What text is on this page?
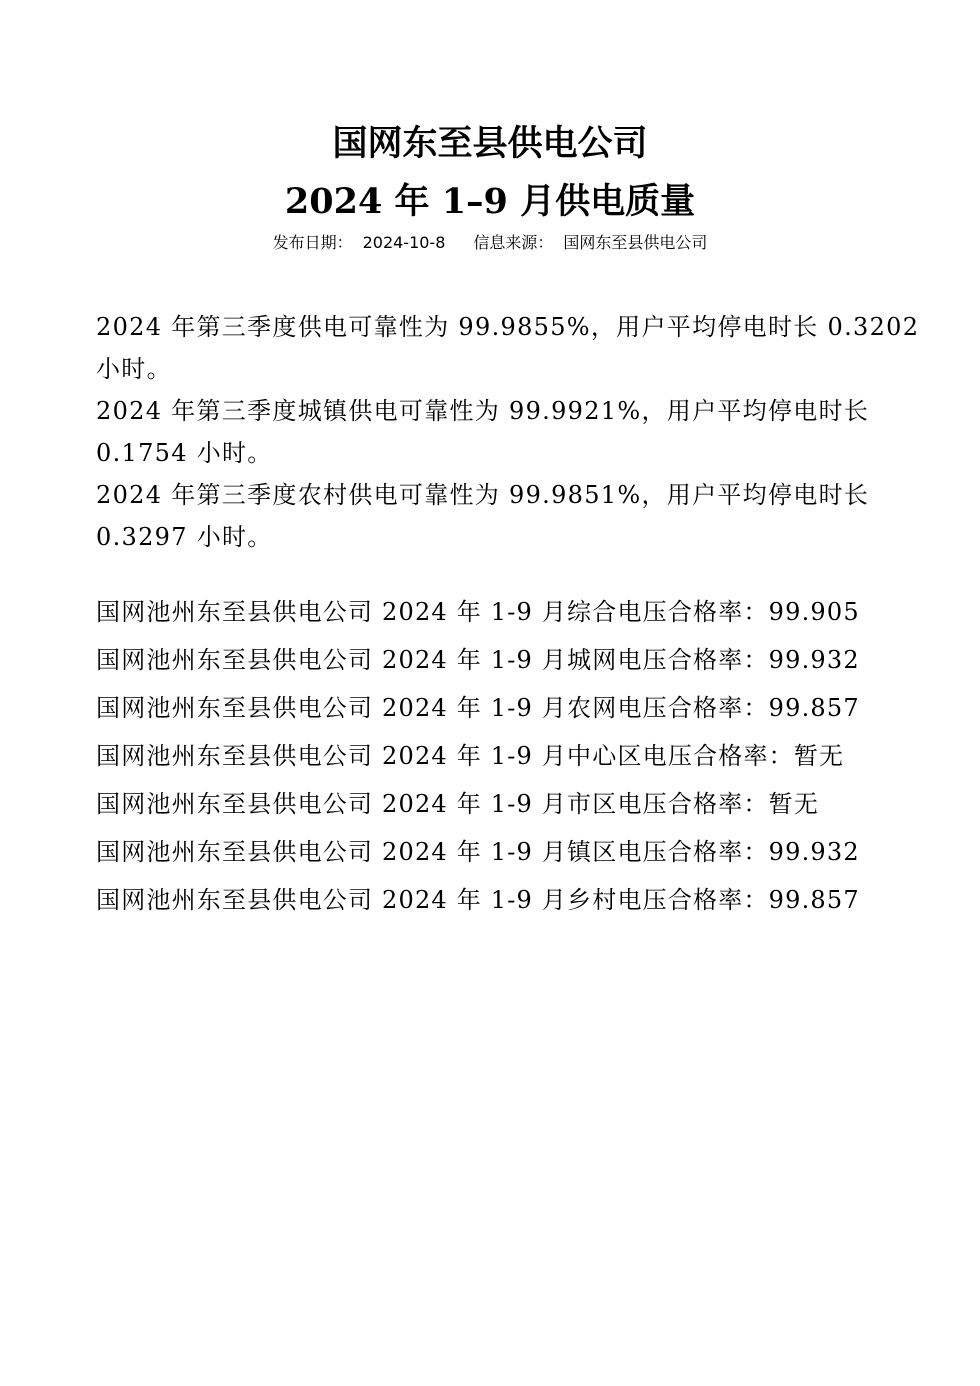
国网东至县供电公司
2024 年 1–9 月供电质量
发布日期： 2024-10-8 信息来源： 国网东至县供电公司
2024 年第三季度供电可靠性为 99.9855%，用户平均停电时长 0.3202
小时。
2024 年第三季度城镇供电可靠性为 99.9921%，用户平均停电时长
0.1754 小时。
2024 年第三季度农村供电可靠性为 99.9851%，用户平均停电时长
0.3297 小时。
国网池州东至县供电公司 2024 年 1-9 月综合电压合格率：99.905
国网池州东至县供电公司 2024 年 1-9 月城网电压合格率：99.932
国网池州东至县供电公司 2024 年 1-9 月农网电压合格率：99.857
国网池州东至县供电公司 2024 年 1-9 月中心区电压合格率：暂无
国网池州东至县供电公司 2024 年 1-9 月市区电压合格率：暂无
国网池州东至县供电公司 2024 年 1-9 月镇区电压合格率：99.932
国网池州东至县供电公司 2024 年 1-9 月乡村电压合格率：99.857
